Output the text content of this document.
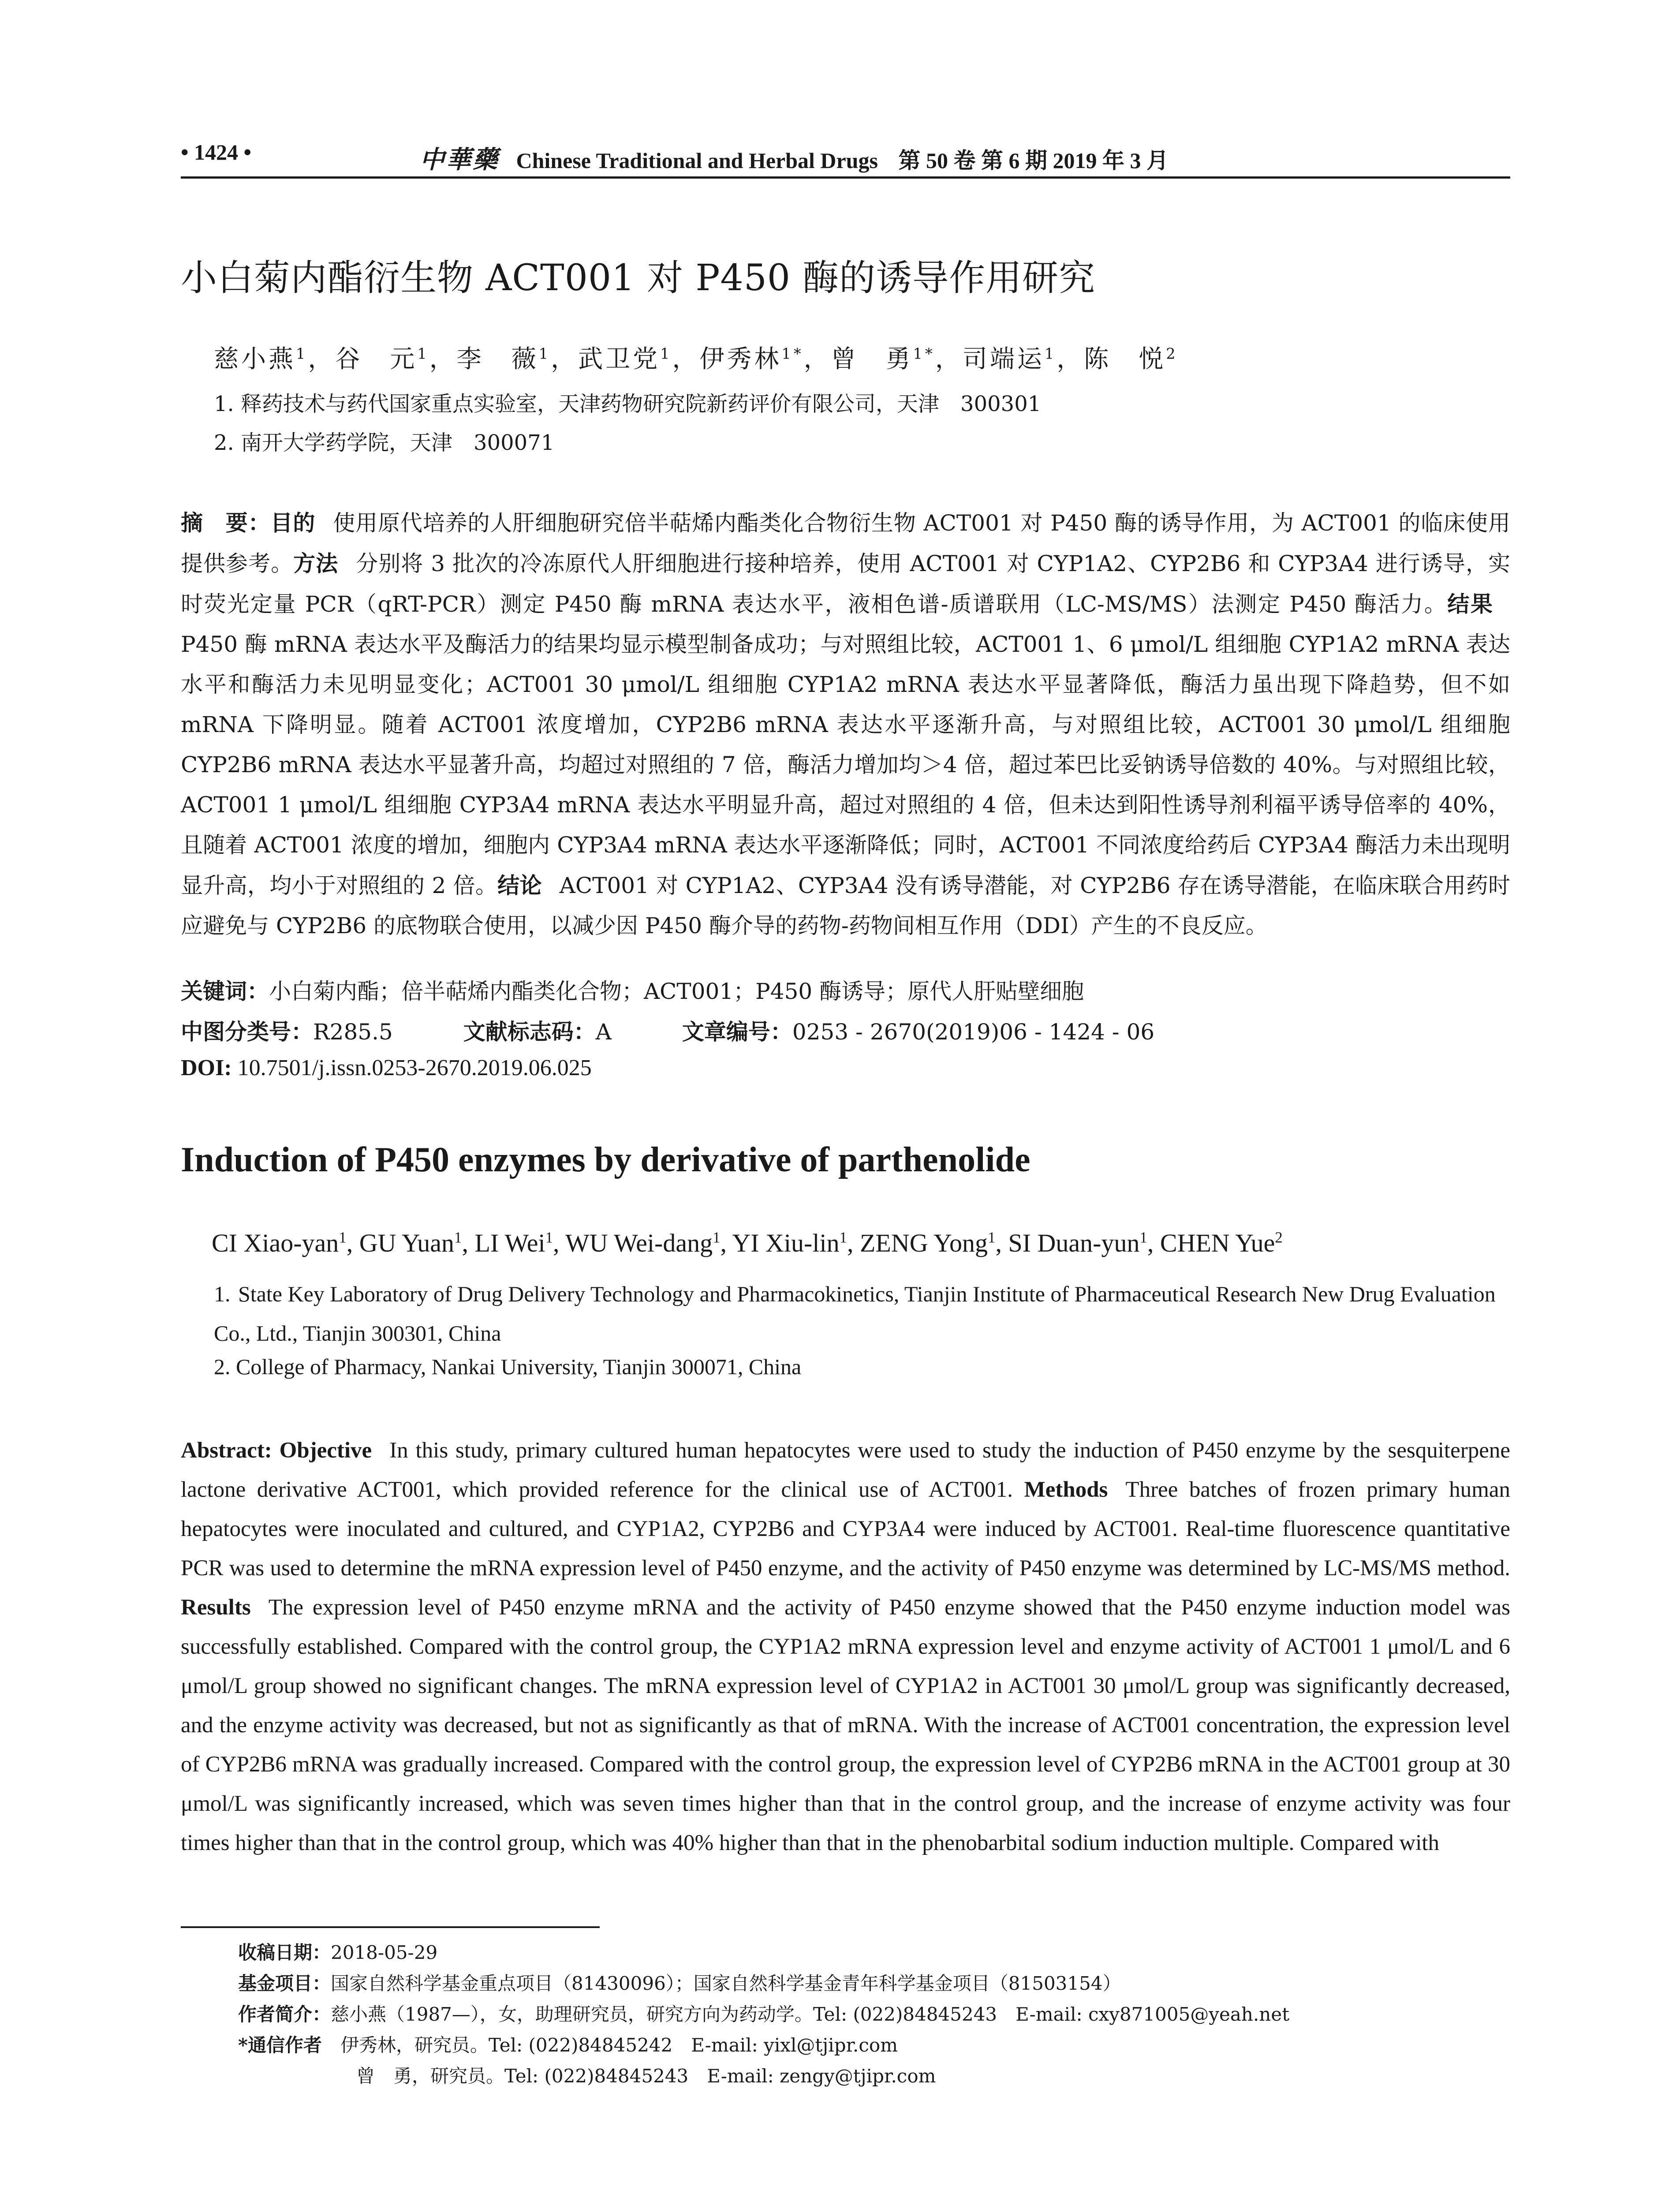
• 1424 •	中華藥 Chinese Traditional and Herbal Drugs 第 50 卷 第 6 期 2019 年 3 月
小白菊内酯衍生物 ACT001 对 P450 酶的诱导作用研究
慈小燕$^1$，谷　元$^1$，李　薇$^1$，武卫党$^1$，伊秀林$^{1*}$，曾　勇$^{1*}$，司端运$^1$，陈　悦$^2$
1. 释药技术与药代国家重点实验室，天津药物研究院新药评价有限公司，天津　300301
2. 南开大学药学院，天津　300071
摘　要：目的 使用原代培养的人肝细胞研究倍半萜烯内酯类化合物衍生物 ACT001 对 P450 酶的诱导作用，为 ACT001 的临床使用提供参考。方法 分别将 3 批次的冷冻原代人肝细胞进行接种培养，使用 ACT001 对 CYP1A2、CYP2B6 和 CYP3A4 进行诱导，实时荧光定量 PCR（qRT-PCR）测定 P450 酶 mRNA 表达水平，液相色谱-质谱联用（LC-MS/MS）法测定 P450 酶活力。结果P450 酶 mRNA 表达水平及酶活力的结果均显示模型制备成功；与对照组比较，ACT001 1、6 μmol/L 组细胞 CYP1A2 mRNA 表达水平和酶活力未见明显变化；ACT001 30 μmol/L 组细胞 CYP1A2 mRNA 表达水平显著降低，酶活力虽出现下降趋势，但不如 mRNA 下降明显。随着 ACT001 浓度增加，CYP2B6 mRNA 表达水平逐渐升高，与对照组比较，ACT001 30 μmol/L 组细胞 CYP2B6 mRNA 表达水平显著升高，均超过对照组的 7 倍，酶活力增加均＞4 倍，超过苯巴比妥钠诱导倍数的 40%。与对照组比较，ACT001 1 μmol/L 组细胞 CYP3A4 mRNA 表达水平明显升高，超过对照组的 4 倍，但未达到阳性诱导剂利福平诱导倍率的 40%，且随着 ACT001 浓度的增加，细胞内 CYP3A4 mRNA 表达水平逐渐降低；同时，ACT001 不同浓度给药后 CYP3A4 酶活力未出现明显升高，均小于对照组的 2 倍。结论 ACT001 对 CYP1A2、CYP3A4 没有诱导潜能，对 CYP2B6 存在诱导潜能，在临床联合用药时应避免与 CYP2B6 的底物联合使用，以减少因 P450 酶介导的药物-药物间相互作用（DDI）产生的不良反应。
关键词：小白菊内酯；倍半萜烯内酯类化合物；ACT001；P450 酶诱导；原代人肝贴壁细胞
中图分类号：R285.5	文献标志码：A	文章编号：0253 - 2670(2019)06 - 1424 - 06
DOI: 10.7501/j.issn.0253-2670.2019.06.025
Induction of P450 enzymes by derivative of parthenolide
CI Xiao-yan$^1$, GU Yuan$^1$, LI Wei$^1$, WU Wei-dang$^1$, YI Xiu-lin$^1$, ZENG Yong$^1$, SI Duan-yun$^1$, CHEN Yue$^2$
1. State Key Laboratory of Drug Delivery Technology and Pharmacokinetics, Tianjin Institute of Pharmaceutical Research New Drug Evaluation Co., Ltd., Tianjin 300301, China
2. College of Pharmacy, Nankai University, Tianjin 300071, China
Abstract: Objective In this study, primary cultured human hepatocytes were used to study the induction of P450 enzyme by the sesquiterpene lactone derivative ACT001, which provided reference for the clinical use of ACT001. Methods Three batches of frozen primary human hepatocytes were inoculated and cultured, and CYP1A2, CYP2B6 and CYP3A4 were induced by ACT001. Real-time fluorescence quantitative PCR was used to determine the mRNA expression level of P450 enzyme, and the activity of P450 enzyme was determined by LC-MS/MS method. Results The expression level of P450 enzyme mRNA and the activity of P450 enzyme showed that the P450 enzyme induction model was successfully established. Compared with the control group, the CYP1A2 mRNA expression level and enzyme activity of ACT001 1 μmol/L and 6 μmol/L group showed no significant changes. The mRNA expression level of CYP1A2 in ACT001 30 μmol/L group was significantly decreased, and the enzyme activity was decreased, but not as significantly as that of mRNA. With the increase of ACT001 concentration, the expression level of CYP2B6 mRNA was gradually increased. Compared with the control group, the expression level of CYP2B6 mRNA in the ACT001 group at 30 μmol/L was significantly increased, which was seven times higher than that in the control group, and the increase of enzyme activity was four times higher than that in the control group, which was 40% higher than that in the phenobarbital sodium induction multiple. Compared with
收稿日期：2018-05-29
基金项目：国家自然科学基金重点项目（81430096）；国家自然科学基金青年科学基金项目（81503154）
作者简介：慈小燕（1987—），女，助理研究员，研究方向为药动学。Tel: (022)84845243　E-mail: cxy871005@yeah.net
*通信作者　 伊秀林，研究员。Tel: (022)84845242　E-mail: yixl@tjipr.com
曾　勇，研究员。Tel: (022)84845243　E-mail: zengy@tjipr.com
